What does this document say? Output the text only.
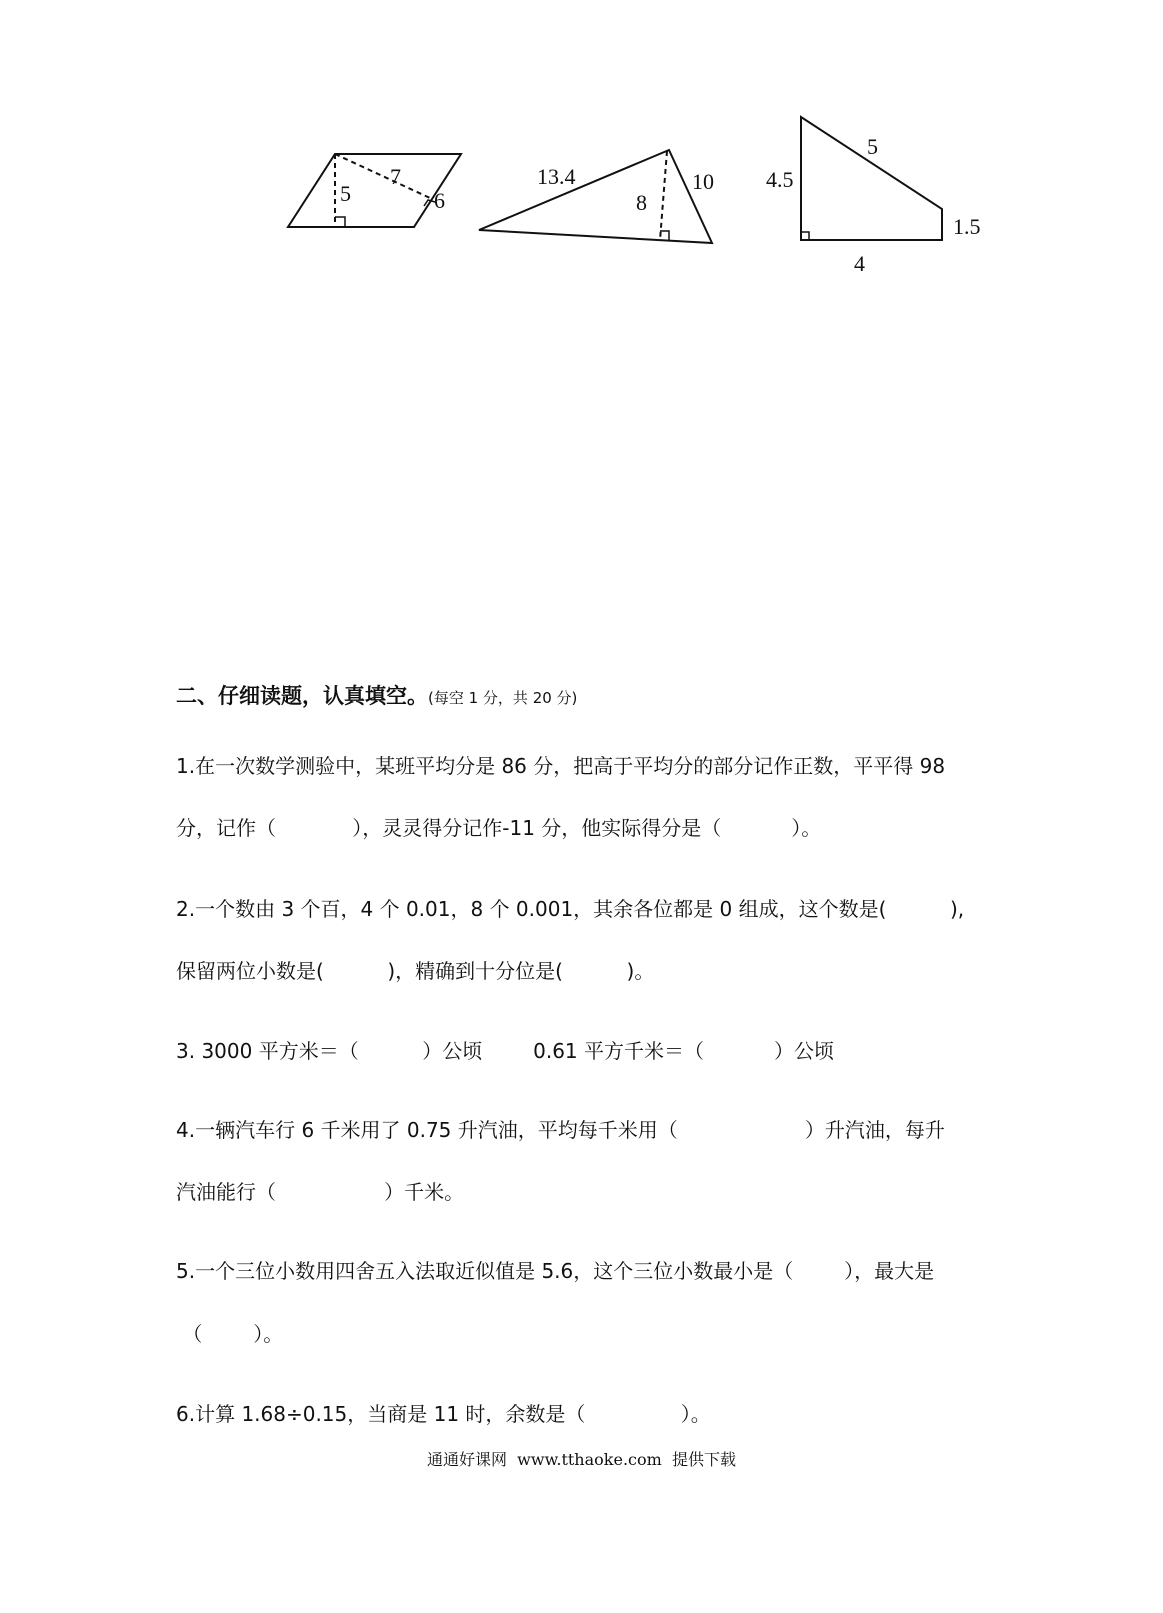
5
7
6
13.4
8
10 4.5
5
1.5
4
二、仔细读题，认真填空。(每空 1 分，共 20 分)
1.在一次数学测验中，某班平均分是 86 分，把高于平均分的部分记作正数，平平得 98
分，记作（            ），灵灵得分记作-11 分，他实际得分是（           ）。
2.一个数由 3 个百，4 个 0.01，8 个 0.001，其余各位都是 0 组成，这个数是(          ),
保留两位小数是(          )，精确到十分位是(          )。
3. 3000 平方米＝（          ）公顷        0.61 平方千米＝（           ）公顷
4.一辆汽车行 6 千米用了 0.75 升汽油，平均每千米用（                    ）升汽油，每升
汽油能行（                 ）千米。
5.一个三位小数用四舍五入法取近似值是 5.6，这个三位小数最小是（        ），最大是
（        ）。
6.计算 1.68÷0.15，当商是 11 时，余数是（               ）。
通通好课网  www.tthaoke.com  提供下载
